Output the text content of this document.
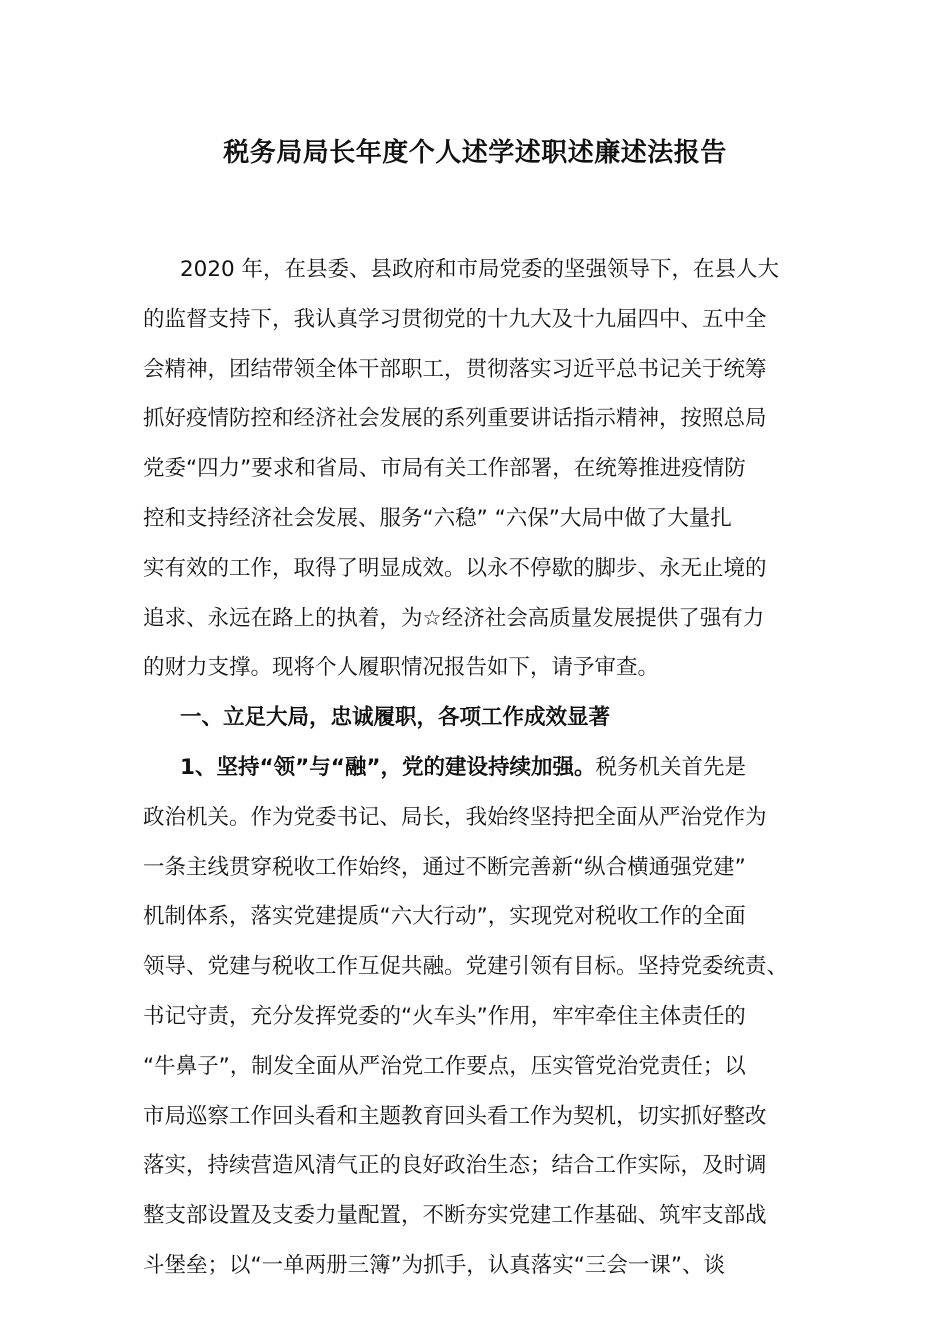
税务局局长年度个人述学述职述廉述法报告
2020 年，在县委、县政府和市局党委的坚强领导下，在县人大
的监督支持下，我认真学习贯彻党的十九大及十九届四中、五中全
会精神，团结带领全体干部职工，贯彻落实习近平总书记关于统筹
抓好疫情防控和经济社会发展的系列重要讲话指示精神，按照总局
党委“四力”要求和省局、市局有关工作部署，在统筹推进疫情防
控和支持经济社会发展、服务“六稳” “六保”大局中做了大量扎
实有效的工作，取得了明显成效。以永不停歇的脚步、永无止境的
追求、永远在路上的执着，为☆经济社会高质量发展提供了强有力
的财力支撑。现将个人履职情况报告如下，请予审查。
一、立足大局，忠诚履职，各项工作成效显著
1、坚持“领”与“融”，党的建设持续加强。税务机关首先是
政治机关。作为党委书记、局长，我始终坚持把全面从严治党作为
一条主线贯穿税收工作始终，通过不断完善新“纵合横通强党建”
机制体系，落实党建提质“六大行动”，实现党对税收工作的全面
领导、党建与税收工作互促共融。党建引领有目标。坚持党委统责、
书记守责，充分发挥党委的“火车头”作用，牢牢牵住主体责任的
“牛鼻子”，制发全面从严治党工作要点，压实管党治党责任；以
市局巡察工作回头看和主题教育回头看工作为契机，切实抓好整改
落实，持续营造风清气正的良好政治生态；结合工作实际，及时调
整支部设置及支委力量配置，不断夯实党建工作基础、筑牢支部战
斗堡垒；以“一单两册三簿”为抓手，认真落实“三会一课”、谈
